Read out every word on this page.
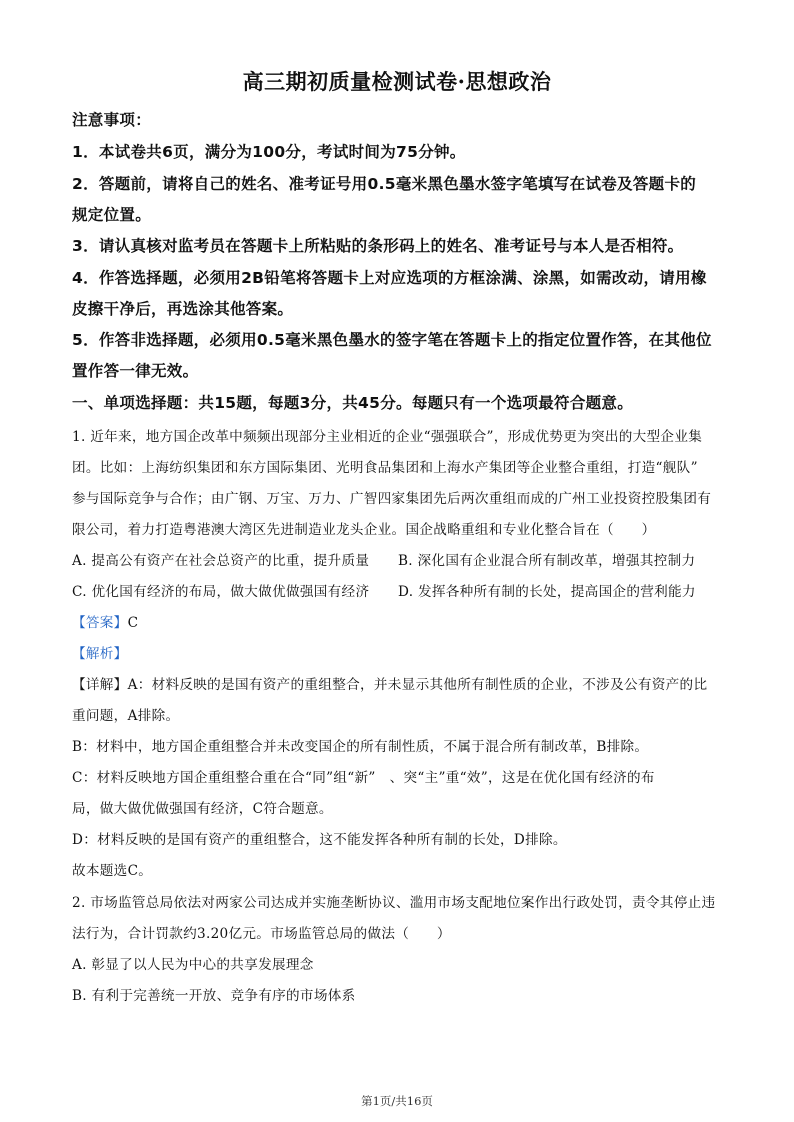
高三期初质量检测试卷·思想政治
注意事项：
1．本试卷共6页，满分为100分，考试时间为75分钟。
2．答题前，请将自己的姓名、准考证号用0.5毫米黑色墨水签字笔填写在试卷及答题卡的
规定位置。
3．请认真核对监考员在答题卡上所粘贴的条形码上的姓名、准考证号与本人是否相符。
4．作答选择题，必须用2B铅笔将答题卡上对应选项的方框涂满、涂黑，如需改动，请用橡
皮擦干净后，再选涂其他答案。
5．作答非选择题，必须用0.5毫米黑色墨水的签字笔在答题卡上的指定位置作答，在其他位
置作答一律无效。
一、单项选择题：共15题，每题3分，共45分。每题只有一个选项最符合题意。
1. 近年来，地方国企改革中频频出现部分主业相近的企业“强强联合”，形成优势更为突出的大型企业集
团。比如：上海纺织集团和东方国际集团、光明食品集团和上海水产集团等企业整合重组，打造“舰队”
参与国际竞争与合作；由广钢、万宝、万力、广智四家集团先后两次重组而成的广州工业投资控股集团有
限公司，着力打造粤港澳大湾区先进制造业龙头企业。国企战略重组和专业化整合旨在（　　）
A. 提高公有资产在社会总资产的比重，提升质量 B. 深化国有企业混合所有制改革，增强其控制力
C. 优化国有经济的布局，做大做优做强国有经济 D. 发挥各种所有制的长处，提高国企的营利能力
【答案】C
【解析】
【详解】A：材料反映的是国有资产的重组整合，并未显示其他所有制性质的企业，不涉及公有资产的比
重问题，A排除。
B：材料中，地方国企重组整合并未改变国企的所有制性质，不属于混合所有制改革，B排除。
C：材料反映地方国企重组整合重在合“同”组“新”　、突“主”重“效”，这是在优化国有经济的布
局，做大做优做强国有经济，C符合题意。
D：材料反映的是国有资产的重组整合，这不能发挥各种所有制的长处，D排除。
故本题选C。
2. 市场监管总局依法对两家公司达成并实施垄断协议、滥用市场支配地位案作出行政处罚，责令其停止违
法行为，合计罚款约3.20亿元。市场监管总局的做法（　　）
A. 彰显了以人民为中心的共享发展理念
B. 有利于完善统一开放、竞争有序的市场体系
第1页/共16页
